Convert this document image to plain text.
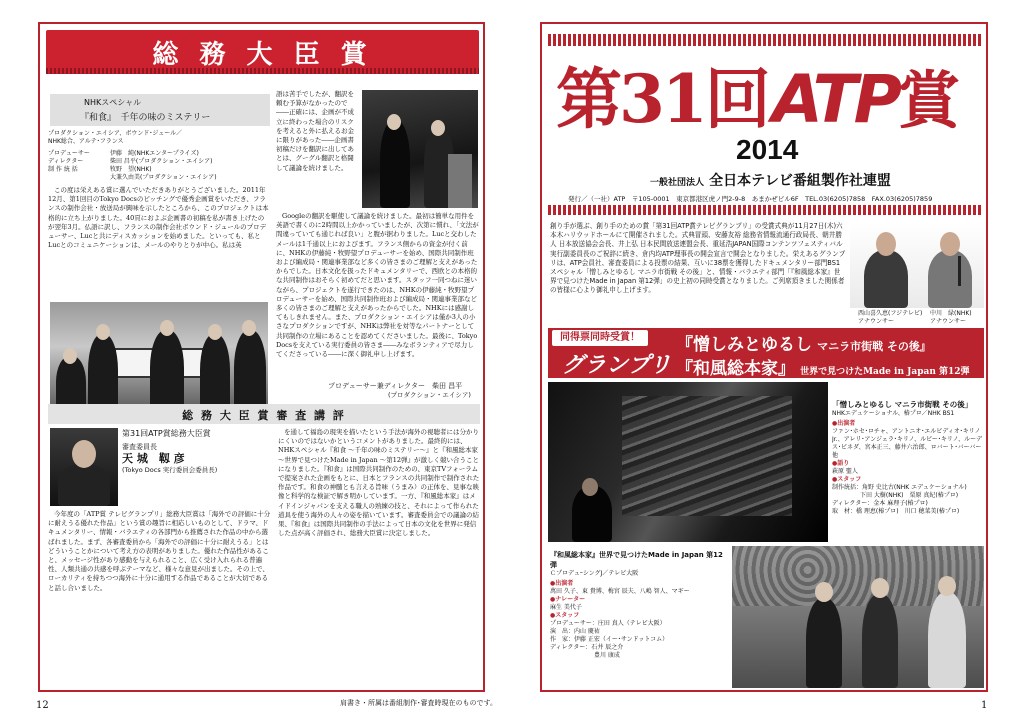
総 務 大 臣 賞
NHKスペシャル
『和食』　千年の味のミステリー
プロダクション・エイシア、ボウンド･ジュール／
NHK総合、アルテ･フランス
プロデューサー	伊藤　純(NHKエンタープライズ)
ディレクター	柴田 昌平(プロダクション・エイシア)
制 作 統 括	牧野　望(NHK)
大兼久由美(プロダクション・エイシア)
この度は栄えある賞に選んでいただきありがとうございました。2011年12月、第1回目のTokyo Docsのピッチングで優秀企画賞をいただき、フランスの制作会社・放送局が興味を示したところから、このプロジェクトは本格的に立ち上がりました。40頁におよぶ企画書の初稿を私が書き上げたのが翌年3月。仏語に訳し、フランスの制作会社ボウンド・ジュールのプロデューサー、Lucと共にディスカッションを始めました。といっても、私とLucとのコミュニケーションは、メールのやりとりが中心。私は英
語は苦手でしたが、翻訳を頼む予算がなかったので――正確には、企画が不成立に終わった場合のリスクを考えると外に払えるお金に限りがあった――企画書初稿だけを翻訳に出してあとは、グーグル翻訳と格闘して議論を続けました。
Googleの翻訳を駆使して議論を続けました。最初は簡単な用件を英語で書くのに2時間以上かかっていましたが、次第に慣れ、「文法が間違っていても通じれば良い」と腹が据わりました。Lucと交わしたメールは1千通以上におよびます。フランス側からの資金が付く前に、NHKの伊藤純・牧野望プロデューサーを始め、国際共同制作班および編成局・関連事業部など多くの皆さまのご理解と支えがあったからでした。日本文化を扱ったドキュメンタリーで、西欧との本格的な共同制作はおそらく初めてだと思います。スタッフ一同つねに迷いながら、プロジェクトを遂行できたのは、NHKの伊藤純・牧野望プロデューサーを始め、国際共同制作班および編成局・関連事業部など多くの皆さまのご理解と支えがあったからでした。NHKには感謝してもしきれません。また、プロダクション・エイシアは僅か3人の小さなプロダクションですが、NHKは弊社を対等なパートナーとして共同制作の立場にあることを認めてくださいました。最後に、Tokyo Docsを支えている実行委員の皆さま――みなボランティアで尽力してくださっている――に深く御礼申し上げます。
プロデューサー兼ディレクター　柴田 昌平
(プロダクション・エイシア)
総 務 大 臣 賞 審 査 講 評
第31回ATP賞総務大臣賞
審査委員長
天 城　靱 彦
(Tokyo Docs 実行委員会委員長)
今年度の「ATP賞 テレビグランプリ」総務大臣賞は「海外での評価に十分に耐えうる優れた作品」という賞の趣旨に相応しいものとして、ドラマ、ドキュメンタリー、情報・バラエティの各部門から推薦された作品の中から選ばれました。まず、各審査委員から「海外での評価に十分に耐えうる」とはどういうことかについて考え方の表明がありました。優れた作品性があること、メッセージ性があり感動を与えられること、広く受け入れられる普遍性、人類共通の共感を呼ぶテーマなど、様々な意見が出ました。その上で、ローカリティを持ちつつ海外に十分に通用する作品であることが大切であると話し合いました。
を通して福島の現実を描いたという手法が海外の視聴者には分かりにくいのではないかというコメントがありました。最終的には、NHKスペシャル『和食 ～千年の味のミステリー～』と『和風総本家 ～世界で見つけたMade in Japan ～第12弾』が激しく競い合うことになりました。『和食』は国際共同制作のための、東京TVフォーラムで提案された企画をもとに、日本とフランスの共同制作で制作された作品です。和食の神髄とも言える旨味（うまみ）の正体を、見事な映像と科学的な検証で解き明かしています。一方、『和風総本家』はメイドインジャパンを支える職人の熟練の技と、それによって作られた道具を使う海外の人々の姿を描いています。審査委員会での議論の結果、『和食』は国際共同制作の手法によって日本の文化を世界に発信した点が高く評価され、総務大臣賞に決定しました。
肩書き・所属は番組制作･審査時現在のものです。
12
第31回ATP賞
2014
一般社団法人 全日本テレビ番組製作社連盟
発行／（一社）ATP　〒105-0001　東京都港区虎ノ門2-9-8　あまかぜビル6F　TEL.03(6205)7858　FAX.03(6205)7859
創り手が選ぶ、創り手のための賞「第31回ATP賞テレビグランプリ」の受賞式典が11月27日(木)六本木ハリウッドホールにて開催されました。式典冒頭、安藤友裕 総務省情報流通行政局長、朝井勝人 日本放送協会会長、井上弘 日本民間放送連盟会長、重延浩JAPAN国際コンテンツフェスティバル実行副委員長のご祝辞に続き、倉内均ATP理事長の開会宣言で開会となりました。栄えあるグランプリは、ATP会員社、審査委員による投票の結果、互いに38票を獲得したドキュメンタリー部門BS1スペシャル「憎しみとゆるし マニラ市街戦 その後」と、情報・バラエティ部門「『和風総本家』世界で見つけたMade in Japan 第12弾」の史上初の同時受賞となりました。ご列席頂きました関係者の皆様に心より御礼申し上げます。
西山喜久恵(フジテレビ)
アナウンサー
中川　緑(NHK)
アナウンサー
同得票同時受賞！
グランプリ
『憎しみとゆるし マニラ市街戦 その後』
『和風総本家』 世界で見つけたMade in Japan 第12弾
「憎しみとゆるし マニラ市街戦 その後」
NHKエデュケーショナル、椿プロ／NHK BS1
●出演者
ファン･ホセ･ロチャ、アントニオ･エルビディオ･キリノ Jr.、アレリ･アンジェラ･キリノ、ルビー･キリノ、ルーデス･ビネダ、宮本正三、藤井六治郎、ロバート･バーバー他
●語り
萩原 聖人
●スタッフ
制作統括：角野 史比古(NHK エデュケーショナル)
下田 大樹(NHK)　栗原 真紀(椿プロ)
ディレクター：金本 麻理子(椿プロ)
取　材：橋 理恵(椿プロ)　川口 穂菜美(椿プロ)
『和風総本家』世界で見つけたMade in Japan 第12弾
ＣプロデュｰシングJ／テレビ大阪
●出演者
萬田 久子、東 貴博、梅宮 辰夫、八嶋 智人、マギー
●ナレーター
麻生 美代子
●スタッフ
プロデューサー：庄田 真人（テレビ大阪）
演　出：内山 慶祐
作　家：伊藤 正宏（イー･サンドットコム）
ディレクター：石井 辰之介
豊川 康成
1
